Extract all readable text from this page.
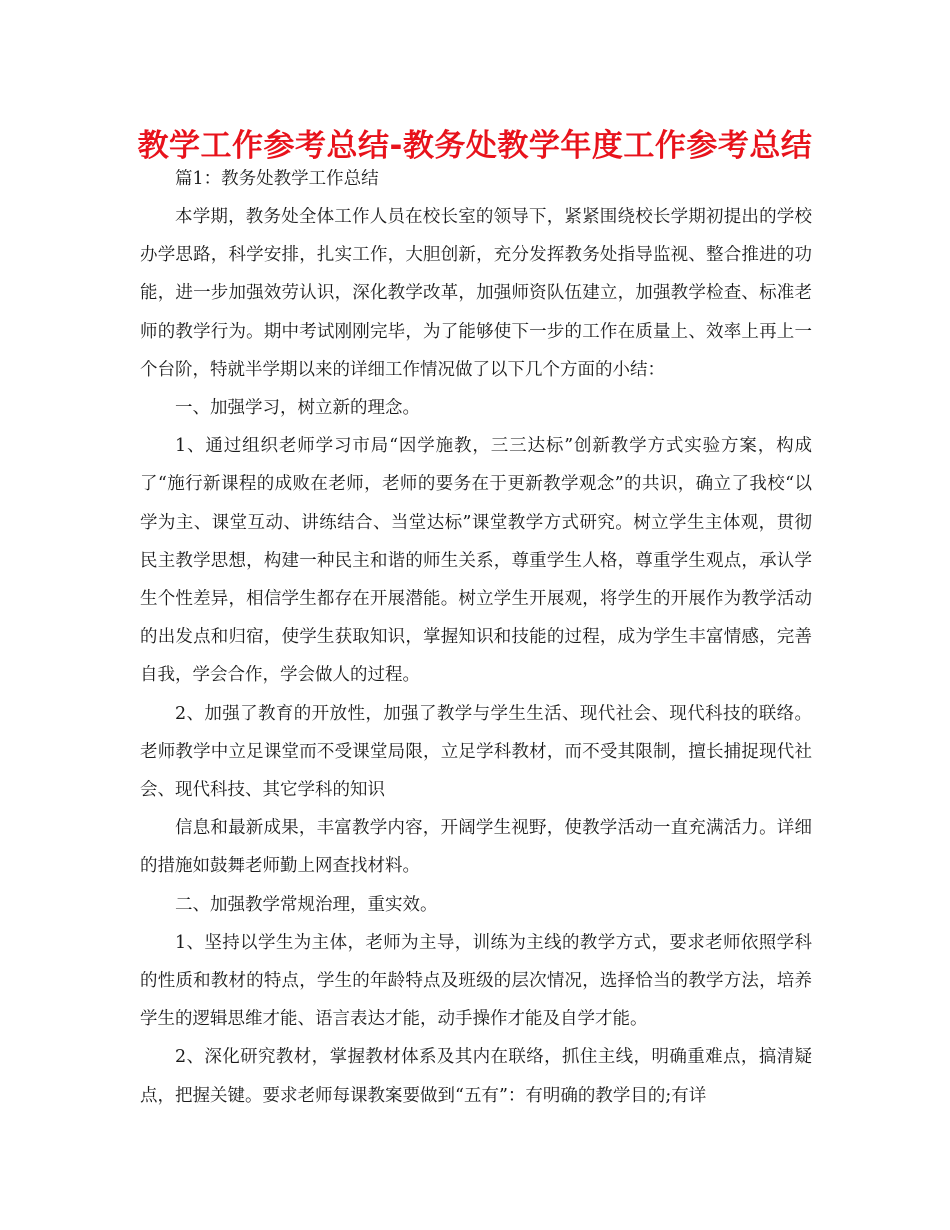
教学工作参考总结-教务处教学年度工作参考总结

篇1：教务处教学工作总结

本学期，教务处全体工作人员在校长室的领导下，紧紧围绕校长学期初提出的学校办学思路，科学安排，扎实工作，大胆创新，充分发挥教务处指导监视、整合推进的功能，进一步加强效劳认识，深化教学改革，加强师资队伍建立，加强教学检查、标准老师的教学行为。期中考试刚刚完毕，为了能够使下一步的工作在质量上、效率上再上一个台阶，特就半学期以来的详细工作情况做了以下几个方面的小结：

一、加强学习，树立新的理念。

1、通过组织老师学习市局“因学施教，三三达标”创新教学方式实验方案，构成了“施行新课程的成败在老师，老师的要务在于更新教学观念”的共识，确立了我校“以学为主、课堂互动、讲练结合、当堂达标”课堂教学方式研究。树立学生主体观，贯彻民主教学思想，构建一种民主和谐的师生关系，尊重学生人格，尊重学生观点，承认学生个性差异，相信学生都存在开展潜能。树立学生开展观，将学生的开展作为教学活动的出发点和归宿，使学生获取知识，掌握知识和技能的过程，成为学生丰富情感，完善自我，学会合作，学会做人的过程。

2、加强了教育的开放性，加强了教学与学生生活、现代社会、现代科技的联络。老师教学中立足课堂而不受课堂局限，立足学科教材，而不受其限制，擅长捕捉现代社会、现代科技、其它学科的知识

信息和最新成果，丰富教学内容，开阔学生视野，使教学活动一直充满活力。详细的措施如鼓舞老师勤上网查找材料。

二、加强教学常规治理，重实效。

1、坚持以学生为主体，老师为主导，训练为主线的教学方式，要求老师依照学科的性质和教材的特点，学生的年龄特点及班级的层次情况，选择恰当的教学方法，培养学生的逻辑思维才能、语言表达才能，动手操作才能及自学才能。

2、深化研究教材，掌握教材体系及其内在联络，抓住主线，明确重难点，搞清疑点，把握关键。要求老师每课教案要做到“五有”：有明确的教学目的;有详
